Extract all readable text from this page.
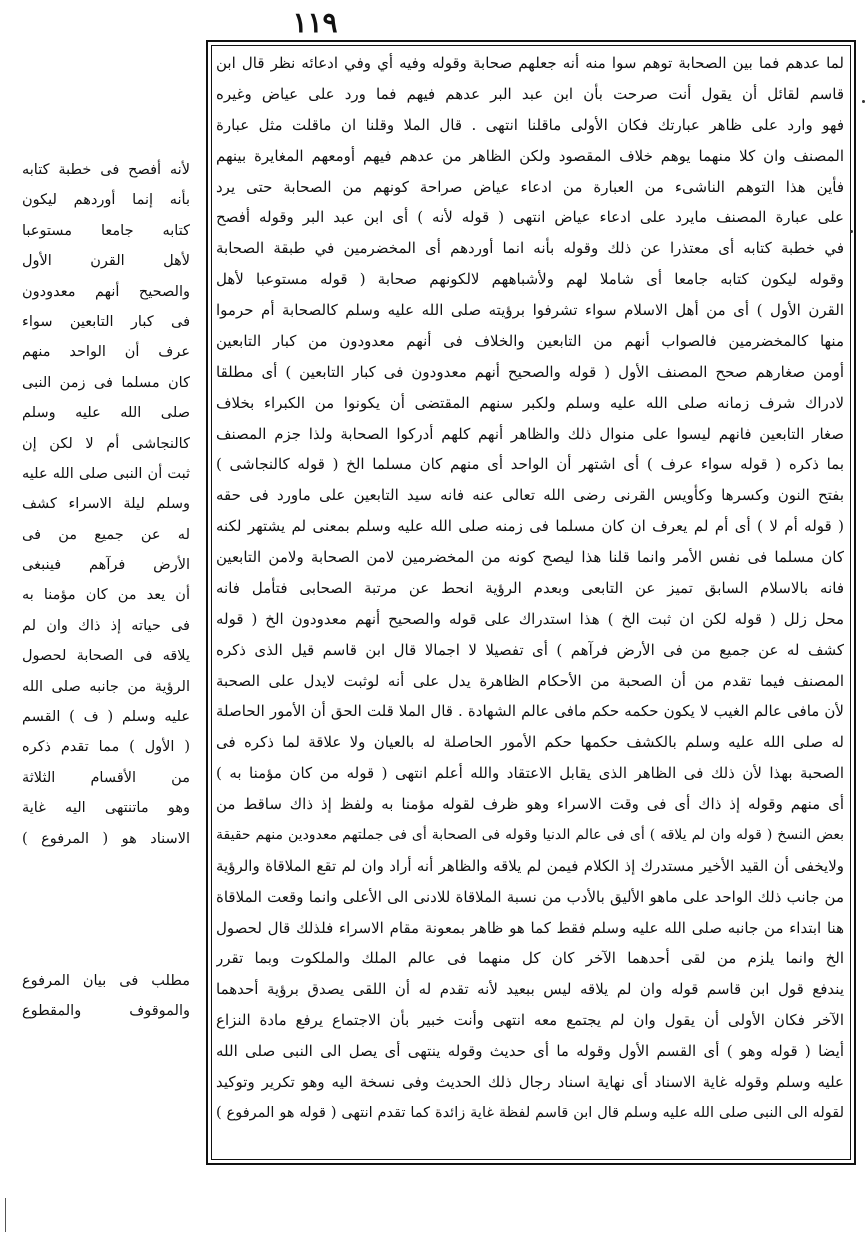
١١٩
لما عدهم فما بين الصحابة توهم سوا منه أنه جعلهم صحابة وقوله وفيه أي وفي ادعائه نظر قال ابن
قاسم لقائل أن يقول أنت صرحت بأن ابن عبد البر عدهم فيهم فما ورد على عياض وغيره
فهو وارد على ظاهر عبارتك فكان الأولى ماقلنا انتهى . قال الملا وقلنا ان ماقلت مثل عبارة
المصنف وان كلا منهما يوهم خلاف المقصود ولكن الظاهر من عدهم فيهم أومعهم المغايرة بينهم
فأين هذا التوهم الناشىء من العبارة من ادعاء عياض صراحة كونهم من الصحابة حتى يرد
على عبارة المصنف مايرد على ادعاء عياض انتهى ( قوله لأنه ) أى ابن عبد البر وقوله أفصح
في خطبة كتابه أى معتذرا عن ذلك وقوله بأنه انما أوردهم أى المخضرمين في طبقة الصحابة
وقوله ليكون كتابه جامعا أى شاملا لهم ولأشباههم لالكونهم صحابة ( قوله مستوعبا لأهل
القرن الأول ) أى من أهل الاسلام سواء تشرفوا برؤيته صلى الله عليه وسلم كالصحابة أم حرموا
منها كالمخضرمين فالصواب أنهم من التابعين والخلاف فى أنهم معدودون من كبار التابعين
أومن صغارهم صحح المصنف الأول ( قوله والصحيح أنهم معدودون فى كبار التابعين ) أى مطلقا
لادراك شرف زمانه صلى الله عليه وسلم ولكبر سنهم المقتضى أن يكونوا من الكبراء بخلاف
صغار التابعين فانهم ليسوا على منوال ذلك والظاهر أنهم كلهم أدركوا الصحابة ولذا جزم المصنف
بما ذكره ( قوله سواء عرف ) أى اشتهر أن الواحد أى منهم كان مسلما الخ ( قوله كالنجاشى )
بفتح النون وكسرها وكأويس القرنى رضى الله تعالى عنه فانه سيد التابعين على ماورد فى حقه
( قوله أم لا ) أى أم لم يعرف ان كان مسلما فى زمنه صلى الله عليه وسلم بمعنى لم يشتهر لكنه
كان مسلما فى نفس الأمر وانما قلنا هذا ليصح كونه من المخضرمين لامن الصحابة ولامن التابعين
فانه بالاسلام السابق تميز عن التابعى وبعدم الرؤية انحط عن مرتبة الصحابى فتأمل فانه
محل زلل ( قوله لكن ان ثبت الخ ) هذا استدراك على قوله والصحيح أنهم معدودون الخ ( قوله
كشف له عن جميع من فى الأرض فرآهم ) أى تفصيلا لا اجمالا قال ابن قاسم قيل الذى ذكره
المصنف فيما تقدم من أن الصحبة من الأحكام الظاهرة يدل على أنه لوثبت لايدل على الصحبة
لأن مافى عالم الغيب لا يكون حكمه حكم مافى عالم الشهادة . قال الملا قلت الحق أن الأمور الحاصلة
له صلى الله عليه وسلم بالكشف حكمها حكم الأمور الحاصلة له بالعيان ولا علاقة لما ذكره فى
الصحبة بهذا لأن ذلك فى الظاهر الذى يقابل الاعتقاد والله أعلم انتهى ( قوله من كان مؤمنا به )
أى منهم وقوله إذ ذاك أى فى وقت الاسراء وهو ظرف لقوله مؤمنا به ولفظ إذ ذاك ساقط من
بعض النسخ ( قوله وان لم يلاقه ) أى فى عالم الدنيا وقوله فى الصحابة أى فى جملتهم معدودين منهم حقيقة
ولايخفى أن القيد الأخير مستدرك إذ الكلام فيمن لم يلاقه والظاهر أنه أراد وان لم تقع الملاقاة والرؤية
من جانب ذلك الواحد على ماهو الأليق بالأدب من نسبة الملاقاة للادنى الى الأعلى وانما وقعت الملاقاة
هنا ابتداء من جانبه صلى الله عليه وسلم فقط كما هو ظاهر بمعونة مقام الاسراء فلذلك قال لحصول
الخ وانما يلزم من لقى أحدهما الآخر كان كل منهما فى عالم الملك والملكوت وبما تقرر
يندفع قول ابن قاسم قوله وان لم يلاقه ليس ببعيد لأنه تقدم له أن اللقى يصدق برؤية أحدهما
الآخر فكان الأولى أن يقول وان لم يجتمع معه انتهى وأنت خبير بأن الاجتماع يرفع مادة النزاع
أيضا ( قوله وهو ) أى القسم الأول وقوله ما أى حديث وقوله ينتهى أى يصل الى النبى صلى الله
عليه وسلم وقوله غاية الاسناد أى نهاية اسناد رجال ذلك الحديث وفى نسخة اليه وهو تكرير وتوكيد
لقوله الى النبى صلى الله عليه وسلم قال ابن قاسم لفظة غاية زائدة كما تقدم انتهى ( قوله هو المرفوع )
لأنه أفصح فى خطبة كتابه
بأنه إنما أوردهم ليكون
كتابه جامعا مستوعبا
لأهل القرن الأول
والصحيح أنهم معدودون
فى كبار التابعين سواء
عرف أن الواحد منهم
كان مسلما فى زمن النبى
صلى الله عليه وسلم
كالنجاشى أم لا لكن إن
ثبت أن النبى صلى الله عليه
وسلم ليلة الاسراء كشف
له عن جميع من فى
الأرض فرآهم فينبغى
أن يعد من كان مؤمنا به
فى حياته إذ ذاك وان لم
يلاقه فى الصحابة لحصول
الرؤية من جانبه صلى الله
عليه وسلم ( ف ) القسم
( الأول ) مما تقدم ذكره
من الأقسام الثلاثة
وهو ماتنتهى اليه غاية
الاسناد هو ( المرفوع )
مطلب فى بيان المرفوع
والموقوف والمقطوع
